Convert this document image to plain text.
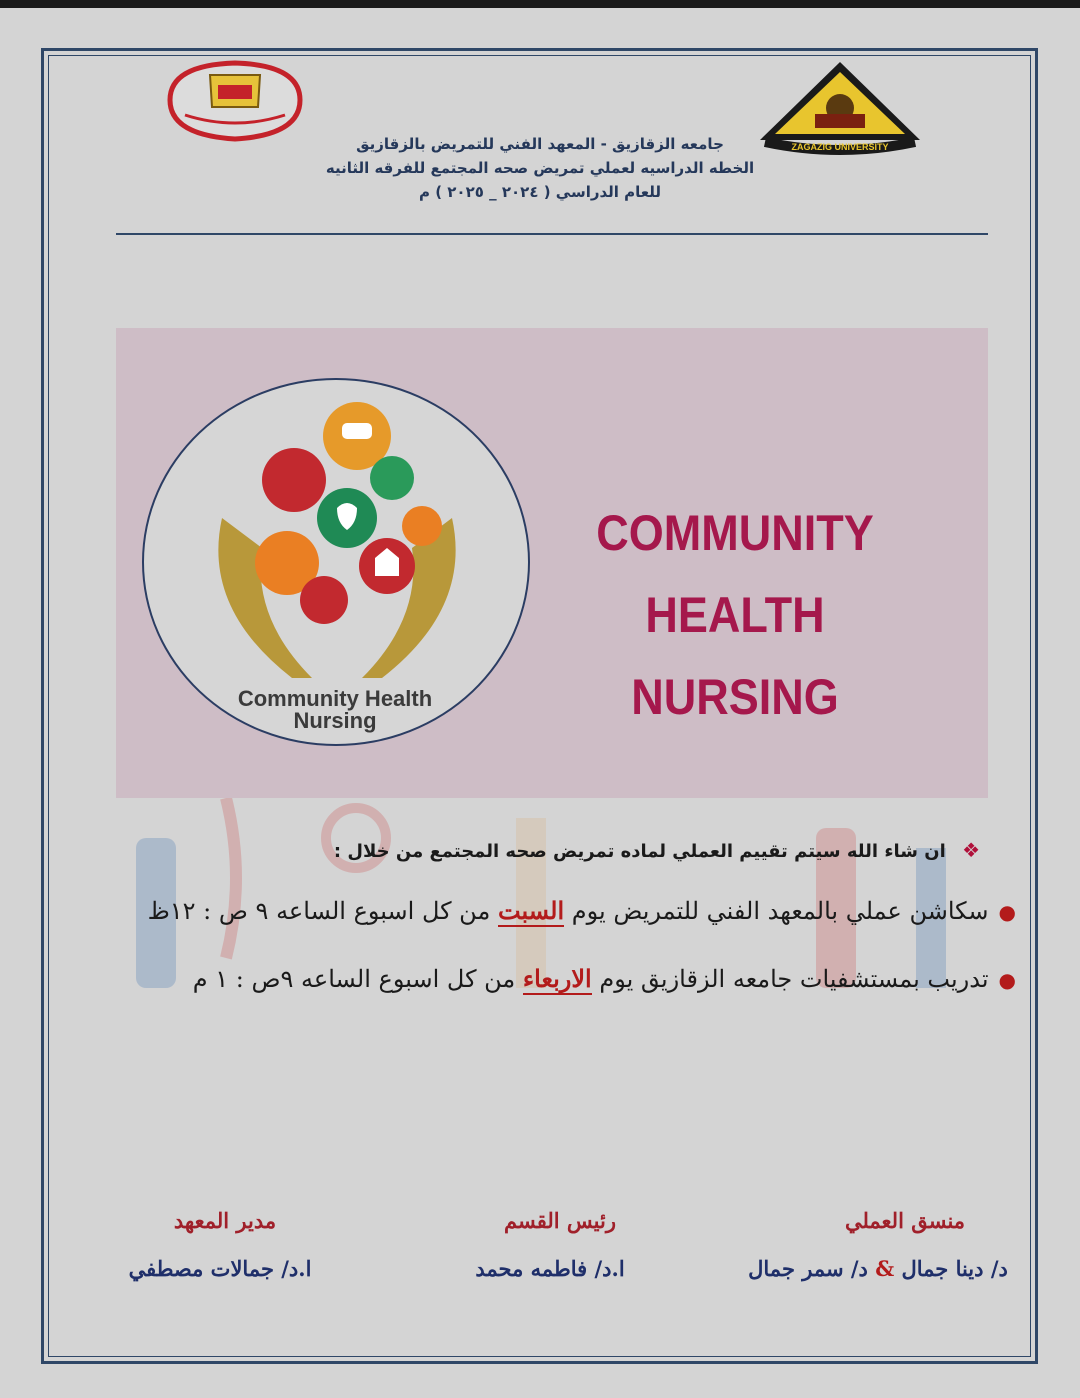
ZAGAZIG UNIVERSITY
جامعه الزقازيق - المعهد الفني للتمريض بالزقازيق
الخطه الدراسيه لعملي تمريض صحه المجتمع للفرقه الثانيه
للعام الدراسي ( ٢٠٢٤ _ ٢٠٢٥ ) م
Community Health
Nursing
COMMUNITY
HEALTH NURSING
❖ ان شاء الله سيتم تقييم العملي لماده تمريض صحه المجتمع من خلال :
●سكاشن عملي بالمعهد الفني للتمريض يوم السبت من كل اسبوع الساعه ٩ ص : ١٢ظ
●تدريب بمستشفيات جامعه الزقازيق يوم الاربعاء من كل اسبوع الساعه ٩ص : ١ م
منسق العملي
رئيس القسم
مدير المعهد
د/ دينا جمال & د/ سمر جمال
ا.د/ فاطمه محمد
ا.د/ جمالات مصطفي
